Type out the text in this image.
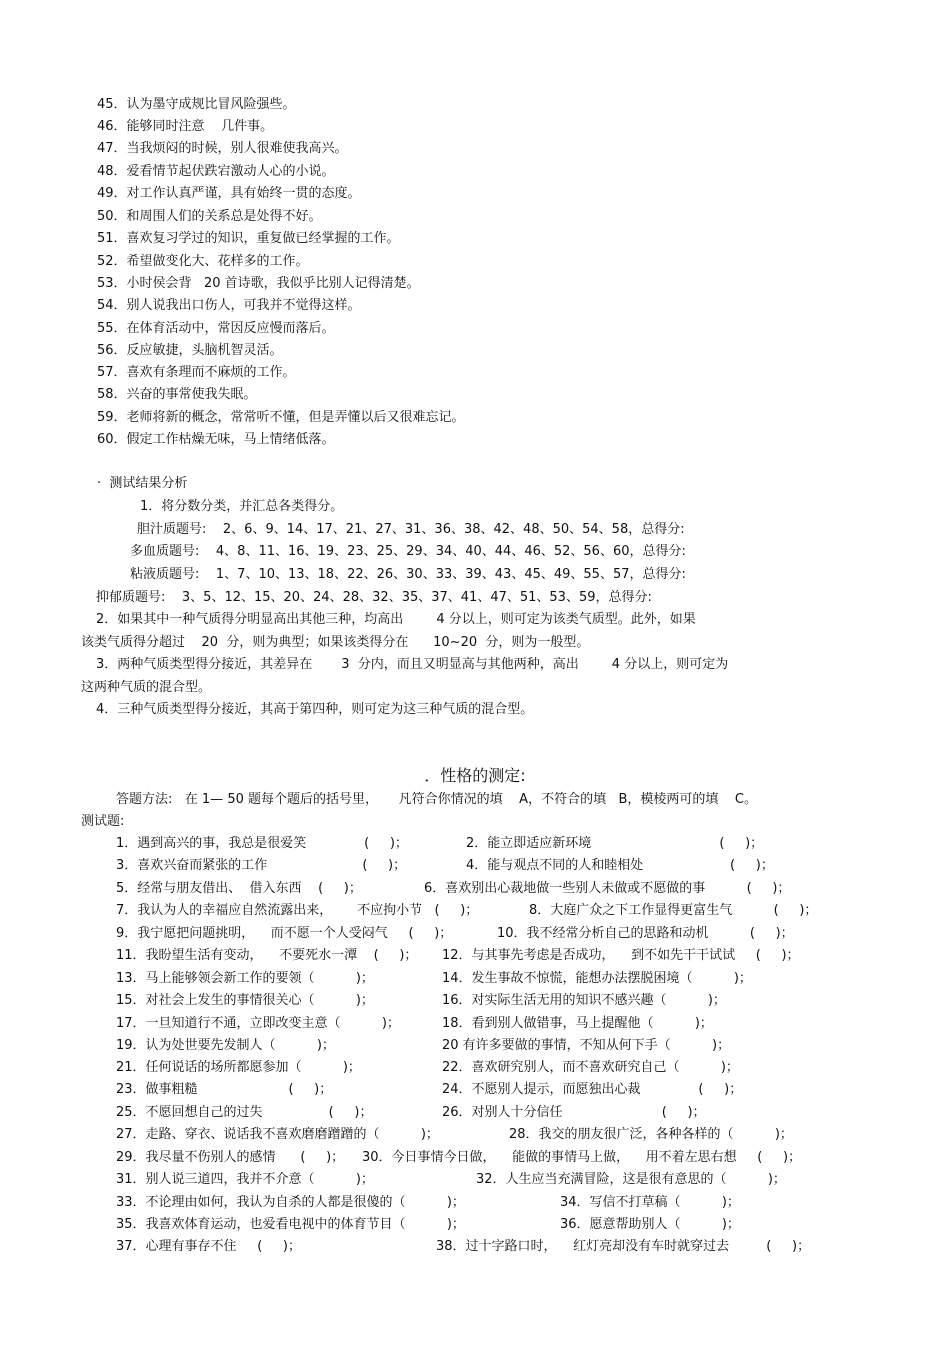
45．认为墨守成规比冒风险强些。
46．能够同时注意    几件事。
47．当我烦闷的时候，别人很难使我高兴。
48．爱看情节起伏跌宕激动人心的小说。
49．对工作认真严谨，具有始终一贯的态度。
50．和周围人们的关系总是处得不好。
51．喜欢复习学过的知识，重复做已经掌握的工作。
52．希望做变化大、花样多的工作。
53．小时侯会背   20 首诗歌，我似乎比别人记得清楚。
54．别人说我出口伤人，可我并不觉得这样。
55．在体育活动中，常因反应慢而落后。
56．反应敏捷，头脑机智灵活。
57．喜欢有条理而不麻烦的工作。
58．兴奋的事常使我失眠。
59．老师将新的概念，常常听不懂，但是弄懂以后又很难忘记。
60．假定工作枯燥无味，马上情绪低落。
·  测试结果分析
1．将分数分类，并汇总各类得分。
胆汁质题号:    2、6、9、14、17、21、27、31、36、38、42、48、50、54、58，总得分:
多血质题号:    4、8、11、16、19、23、25、29、34、40、44、46、52、56、60，总得分:
粘液质题号:    1、7、10、13、18、22、26、30、33、39、43、45、49、55、57，总得分:
抑郁质题号:    3、5、12、15、20、24、28、32、35、37、41、47、51、53、59，总得分:
2．如果其中一种气质得分明显高出其他三种，均高出        4 分以上，则可定为该类气质型。此外，如果
该类气质得分超过    20  分，则为典型；如果该类得分在      10~20  分，则为一般型。
3．两种气质类型得分接近，其差异在       3  分内，而且又明显高与其他两种，高出        4 分以上，则可定为
这两种气质的混合型。
4．三种气质类型得分接近，其高于第四种，则可定为这三种气质的混合型。
．性格的测定:
答题方法:   在 1— 50 题每个题后的括号里，     凡符合你情况的填    A，不符合的填   B，模棱两可的填    C。
测试题:
1．遇到高兴的事，我总是很爱笑              (     )；	2．能立即适应新环境                               (     )；
3．喜欢兴奋而紧张的工作                       (     )；	4．能与观点不同的人和睦相处                     (     )；
5．经常与朋友借出、  借入东西    (     )；	6．喜欢别出心裁地做一些别人未做或不愿做的事          (     )；
7．我认为人的幸福应自然流露出来，      不应拘小节   (     )；	8．大庭广众之下工作显得更富生气          (     )；
9．我宁愿把问题挑明，    而不愿一个人受闷气     (     )；	10．我不经常分析自己的思路和动机          (     )；
11．我盼望生活有变动，    不要死水一潭    (     )； 12．与其事先考虑是否成功，    到不如先干干试试     (     )；
13．马上能够领会新工作的要领（          )；	14．发生事故不惊慌，能想办法摆脱困境（          )；
15．对社会上发生的事情很关心（          )；	16．对实际生活无用的知识不感兴趣（          )；
17．一旦知道行不通，立即改变主意（          )；	18．看到别人做错事，马上提醒他（          )；
19．认为处世要先发制人（          )；	20 有许多要做的事情，不知从何下手（          )；
21．任何说话的场所都愿参加（          )；	22．喜欢研究别人，而不喜欢研究自己（          )；
23．做事粗糙                      (     )；	24．不愿别人提示，而愿独出心裁              (     )；
25．不愿回想自己的过失                (     )；	26．对别人十分信任                        (     )；
27．走路、穿衣、说话我不喜欢磨磨蹭蹭的（          )；	28．我交的朋友很广泛，各种各样的（          )；
29．我尽量不伤别人的感情      (     )； 30．今日事情今日做，    能做的事情马上做，    用不着左思右想     (     )；
31．别人说三道四，我并不介意（          )；	32．人生应当充满冒险，这是很有意思的（          )；
33．不论理由如何，我认为自杀的人都是很傻的（          )；	34．写信不打草稿（          )；
35．我喜欢体育运动，也爱看电视中的体育节目（          )；	36．愿意帮助别人（          )；
37．心理有事存不住     (     )；	38．过十字路口时，    红灯亮却没有车时就穿过去         (     )；
